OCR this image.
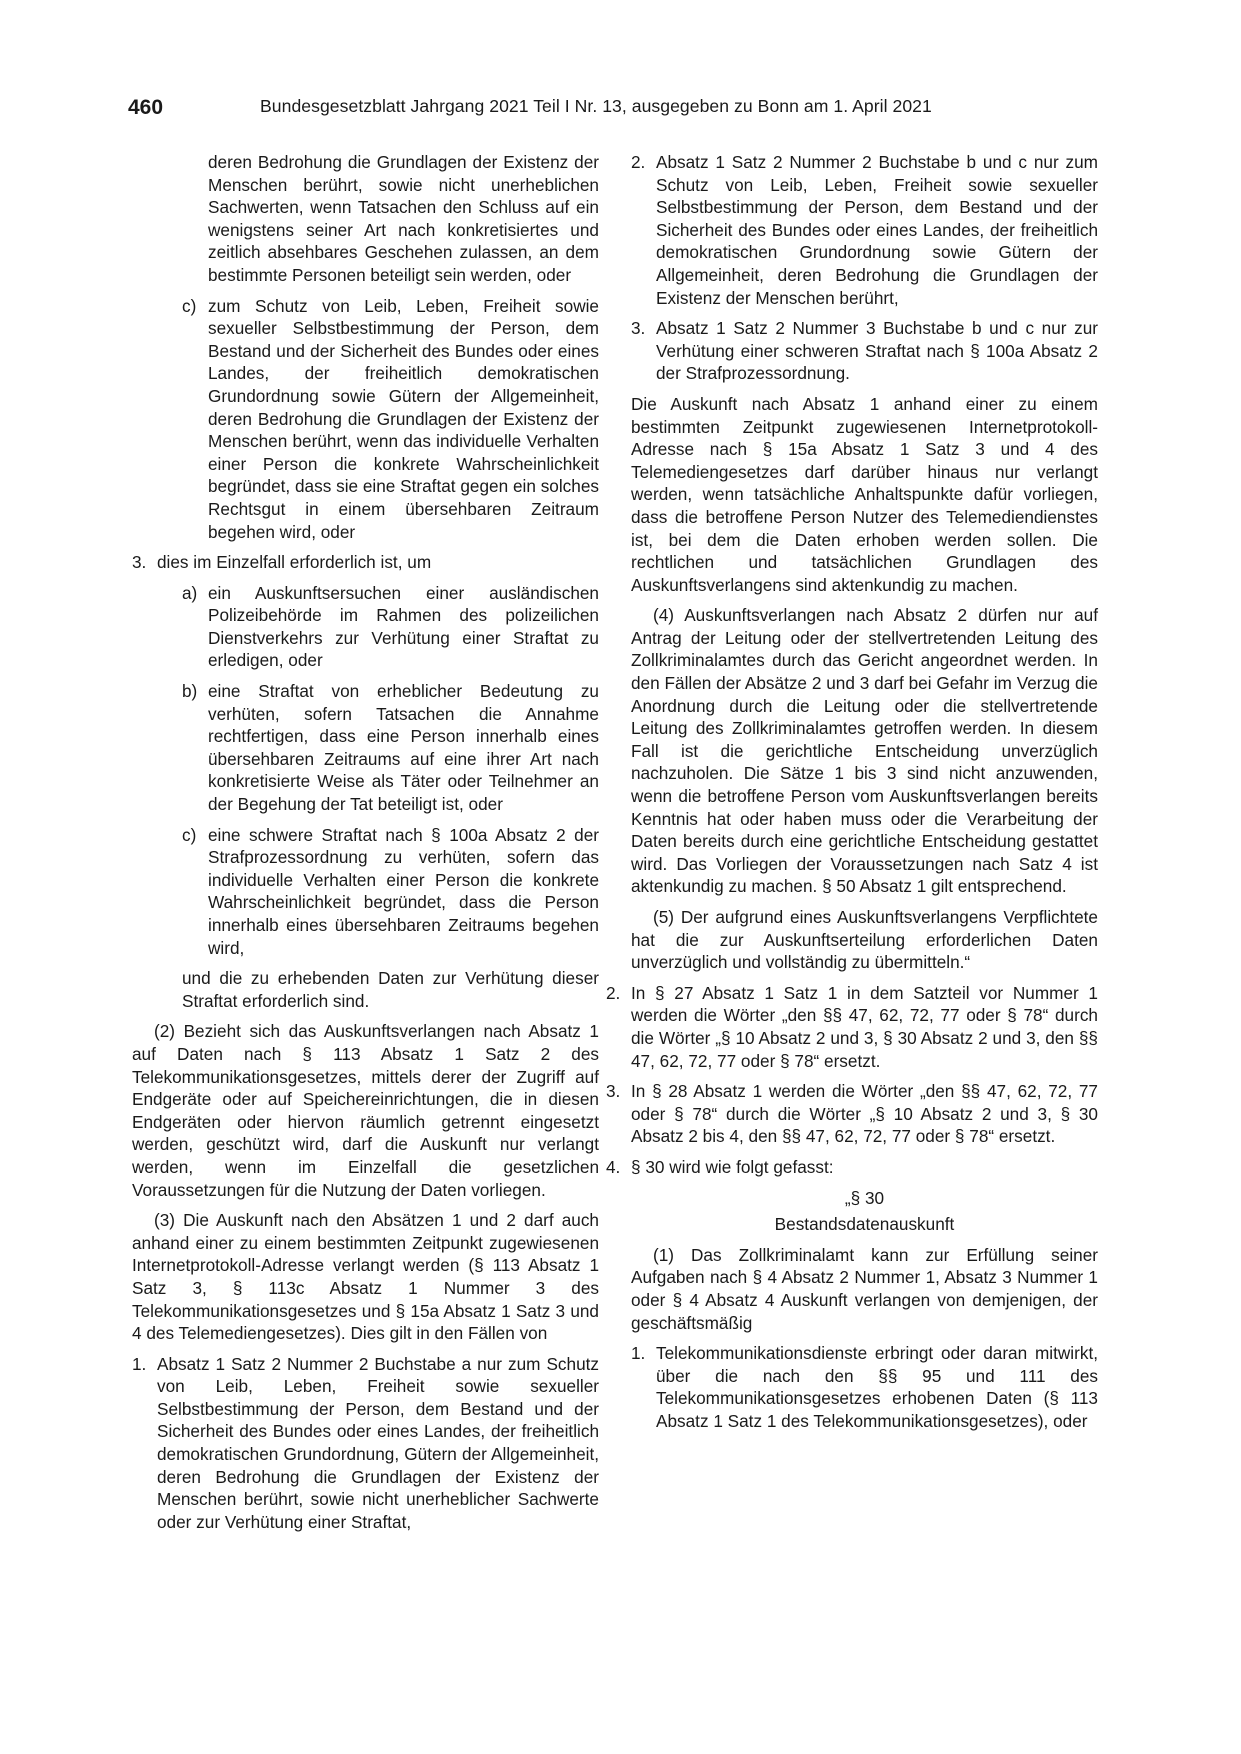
460	Bundesgesetzblatt Jahrgang 2021 Teil I Nr. 13, ausgegeben zu Bonn am 1. April 2021
deren Bedrohung die Grundlagen der Existenz der Menschen berührt, sowie nicht unerheblichen Sachwerten, wenn Tatsachen den Schluss auf ein wenigstens seiner Art nach konkretisiertes und zeitlich absehbares Geschehen zulassen, an dem bestimmte Personen beteiligt sein werden, oder
c) zum Schutz von Leib, Leben, Freiheit sowie sexueller Selbstbestimmung der Person, dem Bestand und der Sicherheit des Bundes oder eines Landes, der freiheitlich demokratischen Grundordnung sowie Gütern der Allgemeinheit, deren Bedrohung die Grundlagen der Existenz der Menschen berührt, wenn das individuelle Verhalten einer Person die konkrete Wahrscheinlichkeit begründet, dass sie eine Straftat gegen ein solches Rechtsgut in einem übersehbaren Zeitraum begehen wird, oder
3. dies im Einzelfall erforderlich ist, um
a) ein Auskunftsersuchen einer ausländischen Polizeibehörde im Rahmen des polizeilichen Dienstverkehrs zur Verhütung einer Straftat zu erledigen, oder
b) eine Straftat von erheblicher Bedeutung zu verhüten, sofern Tatsachen die Annahme rechtfertigen, dass eine Person innerhalb eines übersehbaren Zeitraums auf eine ihrer Art nach konkretisierte Weise als Täter oder Teilnehmer an der Begehung der Tat beteiligt ist, oder
c) eine schwere Straftat nach § 100a Absatz 2 der Strafprozessordnung zu verhüten, sofern das individuelle Verhalten einer Person die konkrete Wahrscheinlichkeit begründet, dass die Person innerhalb eines übersehbaren Zeitraums begehen wird,
und die zu erhebenden Daten zur Verhütung dieser Straftat erforderlich sind.

(2) Bezieht sich das Auskunftsverlangen nach Absatz 1 auf Daten nach § 113 Absatz 1 Satz 2 des Telekommunikationsgesetzes, mittels derer der Zugriff auf Endgeräte oder auf Speichereinrichtungen, die in diesen Endgeräten oder hiervon räumlich getrennt eingesetzt werden, geschützt wird, darf die Auskunft nur verlangt werden, wenn im Einzelfall die gesetzlichen Voraussetzungen für die Nutzung der Daten vorliegen.

(3) Die Auskunft nach den Absätzen 1 und 2 darf auch anhand einer zu einem bestimmten Zeitpunkt zugewiesenen Internetprotokoll-Adresse verlangt werden (§ 113 Absatz 1 Satz 3, § 113c Absatz 1 Nummer 3 des Telekommunikationsgesetzes und § 15a Absatz 1 Satz 3 und 4 des Telemediengesetzes). Dies gilt in den Fällen von

1. Absatz 1 Satz 2 Nummer 2 Buchstabe a nur zum Schutz von Leib, Leben, Freiheit sowie sexueller Selbstbestimmung der Person, dem Bestand und der Sicherheit des Bundes oder eines Landes, der freiheitlich demokratischen Grundordnung, Gütern der Allgemeinheit, deren Bedrohung die Grundlagen der Existenz der Menschen berührt, sowie nicht unerheblicher Sachwerte oder zur Verhütung einer Straftat,
2. Absatz 1 Satz 2 Nummer 2 Buchstabe b und c nur zum Schutz von Leib, Leben, Freiheit sowie sexueller Selbstbestimmung der Person, dem Bestand und der Sicherheit des Bundes oder eines Landes, der freiheitlich demokratischen Grundordnung sowie Gütern der Allgemeinheit, deren Bedrohung die Grundlagen der Existenz der Menschen berührt,
3. Absatz 1 Satz 2 Nummer 3 Buchstabe b und c nur zur Verhütung einer schweren Straftat nach § 100a Absatz 2 der Strafprozessordnung.

Die Auskunft nach Absatz 1 anhand einer zu einem bestimmten Zeitpunkt zugewiesenen Internetprotokoll-Adresse nach § 15a Absatz 1 Satz 3 und 4 des Telemediengesetzes darf darüber hinaus nur verlangt werden, wenn tatsächliche Anhaltspunkte dafür vorliegen, dass die betroffene Person Nutzer des Telemediendienstes ist, bei dem die Daten erhoben werden sollen. Die rechtlichen und tatsächlichen Grundlagen des Auskunftsverlangens sind aktenkundig zu machen.

(4) Auskunftsverlangen nach Absatz 2 dürfen nur auf Antrag der Leitung oder der stellvertretenden Leitung des Zollkriminalamtes durch das Gericht angeordnet werden. In den Fällen der Absätze 2 und 3 darf bei Gefahr im Verzug die Anordnung durch die Leitung oder die stellvertretende Leitung des Zollkriminalamtes getroffen werden. In diesem Fall ist die gerichtliche Entscheidung unverzüglich nachzuholen. Die Sätze 1 bis 3 sind nicht anzuwenden, wenn die betroffene Person vom Auskunftsverlangen bereits Kenntnis hat oder haben muss oder die Verarbeitung der Daten bereits durch eine gerichtliche Entscheidung gestattet wird. Das Vorliegen der Voraussetzungen nach Satz 4 ist aktenkundig zu machen. § 50 Absatz 1 gilt entsprechend.

(5) Der aufgrund eines Auskunftsverlangens Verpflichtete hat die zur Auskunftserteilung erforderlichen Daten unverzüglich und vollständig zu übermitteln.“

2. In § 27 Absatz 1 Satz 1 in dem Satzteil vor Nummer 1 werden die Wörter „den §§ 47, 62, 72, 77 oder § 78“ durch die Wörter „§ 10 Absatz 2 und 3, § 30 Absatz 2 und 3, den §§ 47, 62, 72, 77 oder § 78“ ersetzt.
3. In § 28 Absatz 1 werden die Wörter „den §§ 47, 62, 72, 77 oder § 78“ durch die Wörter „§ 10 Absatz 2 und 3, § 30 Absatz 2 bis 4, den §§ 47, 62, 72, 77 oder § 78“ ersetzt.
4. § 30 wird wie folgt gefasst:

„§ 30

Bestandsdatenauskunft

(1) Das Zollkriminalamt kann zur Erfüllung seiner Aufgaben nach § 4 Absatz 2 Nummer 1, Absatz 3 Nummer 1 oder § 4 Absatz 4 Auskunft verlangen von demjenigen, der geschäftsmäßig

1. Telekommunikationsdienste erbringt oder daran mitwirkt, über die nach den §§ 95 und 111 des Telekommunikationsgesetzes erhobenen Daten (§ 113 Absatz 1 Satz 1 des Telekommunikationsgesetzes), oder
